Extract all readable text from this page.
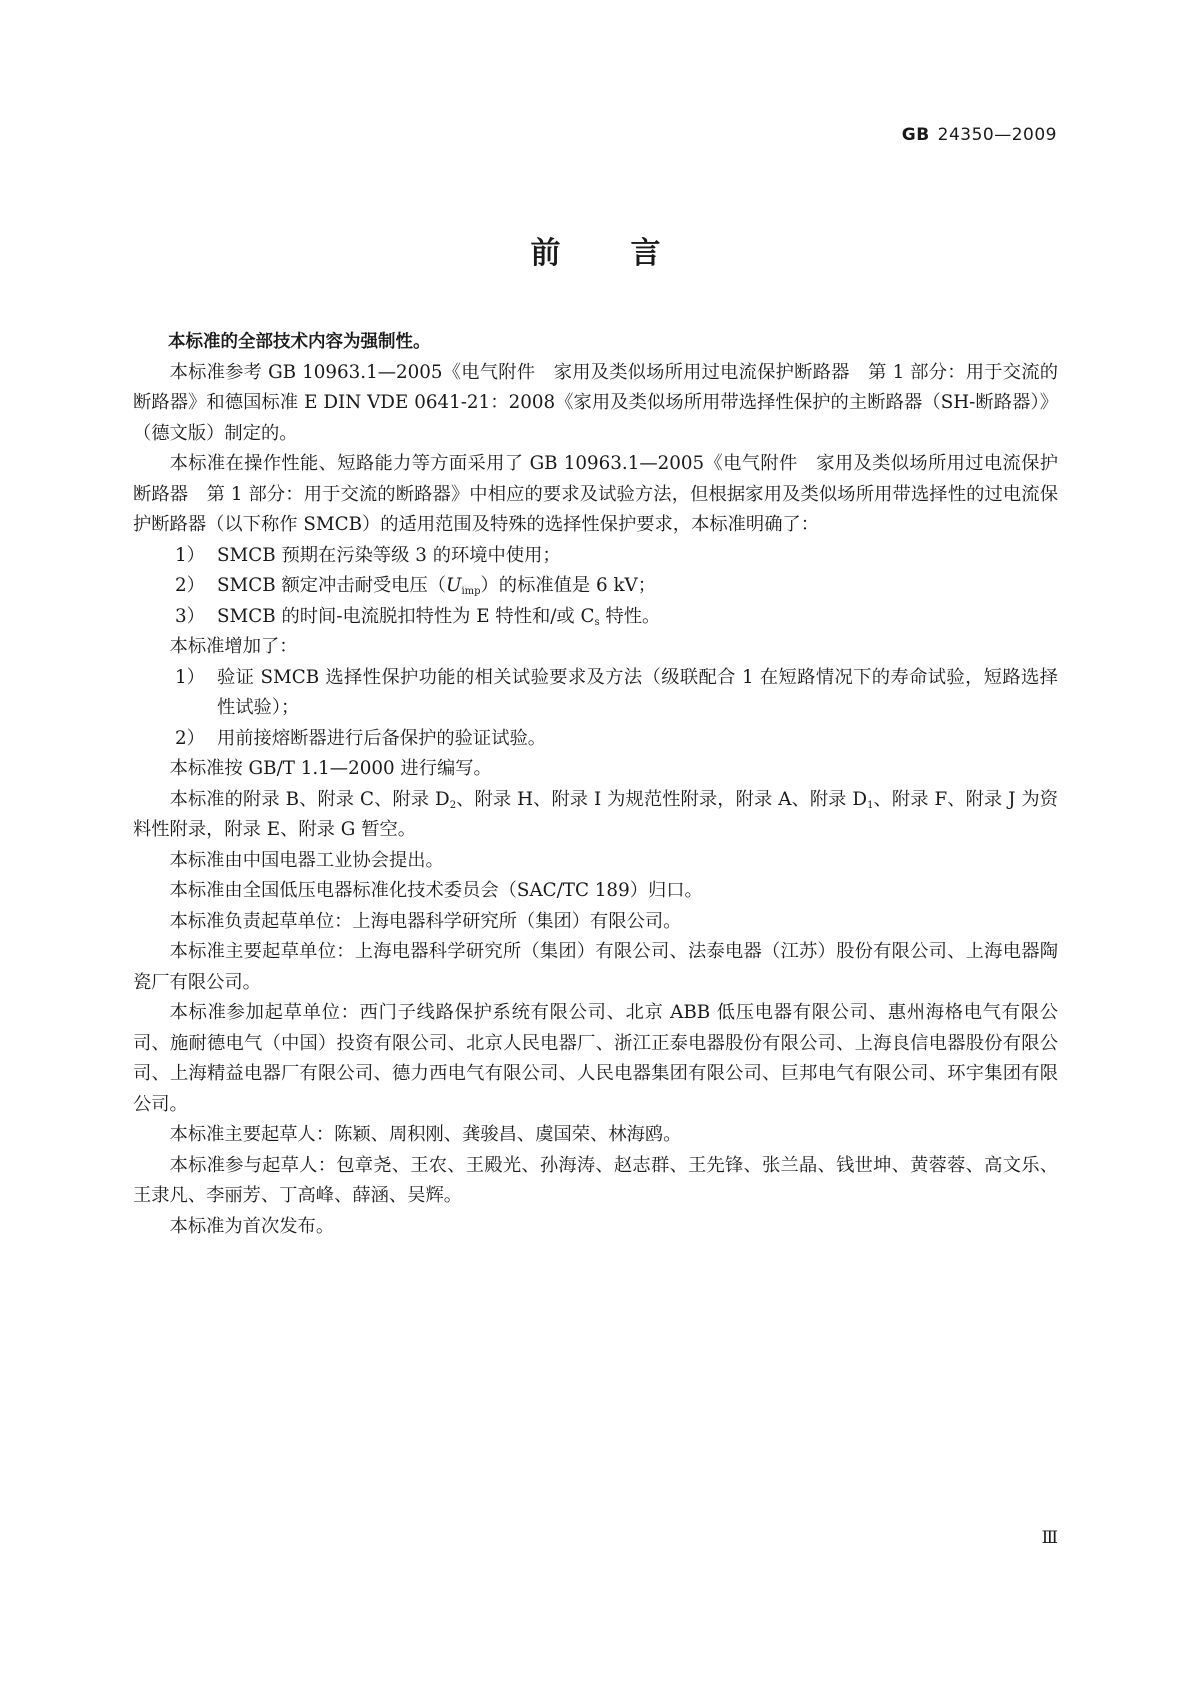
GB 24350—2009
前 言

本标准的全部技术内容为强制性。

本标准参考 GB 10963.1—2005《电气附件　家用及类似场所用过电流保护断路器　第 1 部分：用于交流的断路器》和德国标准 E DIN VDE 0641-21：2008《家用及类似场所用带选择性保护的主断路器（SH-断路器）》（德文版）制定的。

本标准在操作性能、短路能力等方面采用了 GB 10963.1—2005《电气附件　家用及类似场所用过电流保护断路器　第 1 部分：用于交流的断路器》中相应的要求及试验方法，但根据家用及类似场所用带选择性的过电流保护断路器（以下称作 SMCB）的适用范围及特殊的选择性保护要求，本标准明确了：

1） SMCB 预期在污染等级 3 的环境中使用；
2） SMCB 额定冲击耐受电压$(U_{imp})$的标准值是 6 kV；
3） SMCB 的时间-电流脱扣特性为 E 特性和/或 $C_s$ 特性。

本标准增加了：

1） 验证 SMCB 选择性保护功能的相关试验要求及方法（级联配合 1 在短路情况下的寿命试验，短路选择性试验）；
2） 用前接熔断器进行后备保护的验证试验。

本标准按 GB/T 1.1—2000 进行编写。

本标准的附录 B、附录 C、附录 $D_2$、附录 H、附录 I 为规范性附录，附录 A、附录 $D_1$、附录 F、附录 J 为资料性附录，附录 E、附录 G 暂空。

本标准由中国电器工业协会提出。

本标准由全国低压电器标准化技术委员会（SAC/TC 189）归口。

本标准负责起草单位：上海电器科学研究所（集团）有限公司。

本标准主要起草单位：上海电器科学研究所（集团）有限公司、法泰电器（江苏）股份有限公司、上海电器陶瓷厂有限公司。

本标准参加起草单位：西门子线路保护系统有限公司、北京 ABB 低压电器有限公司、惠州海格电气有限公司、施耐德电气（中国）投资有限公司、北京人民电器厂、浙江正泰电器股份有限公司、上海良信电器股份有限公司、上海精益电器厂有限公司、德力西电气有限公司、人民电器集团有限公司、巨邦电气有限公司、环宇集团有限公司。

本标准主要起草人：陈颖、周积刚、龚骏昌、虞国荣、林海鸥。

本标准参与起草人：包章尧、王农、王殿光、孙海涛、赵志群、王先锋、张兰晶、钱世坤、黄蓉蓉、高文乐、王隶凡、李丽芳、丁高峰、薛涵、吴辉。

本标准为首次发布。

Ⅲ
